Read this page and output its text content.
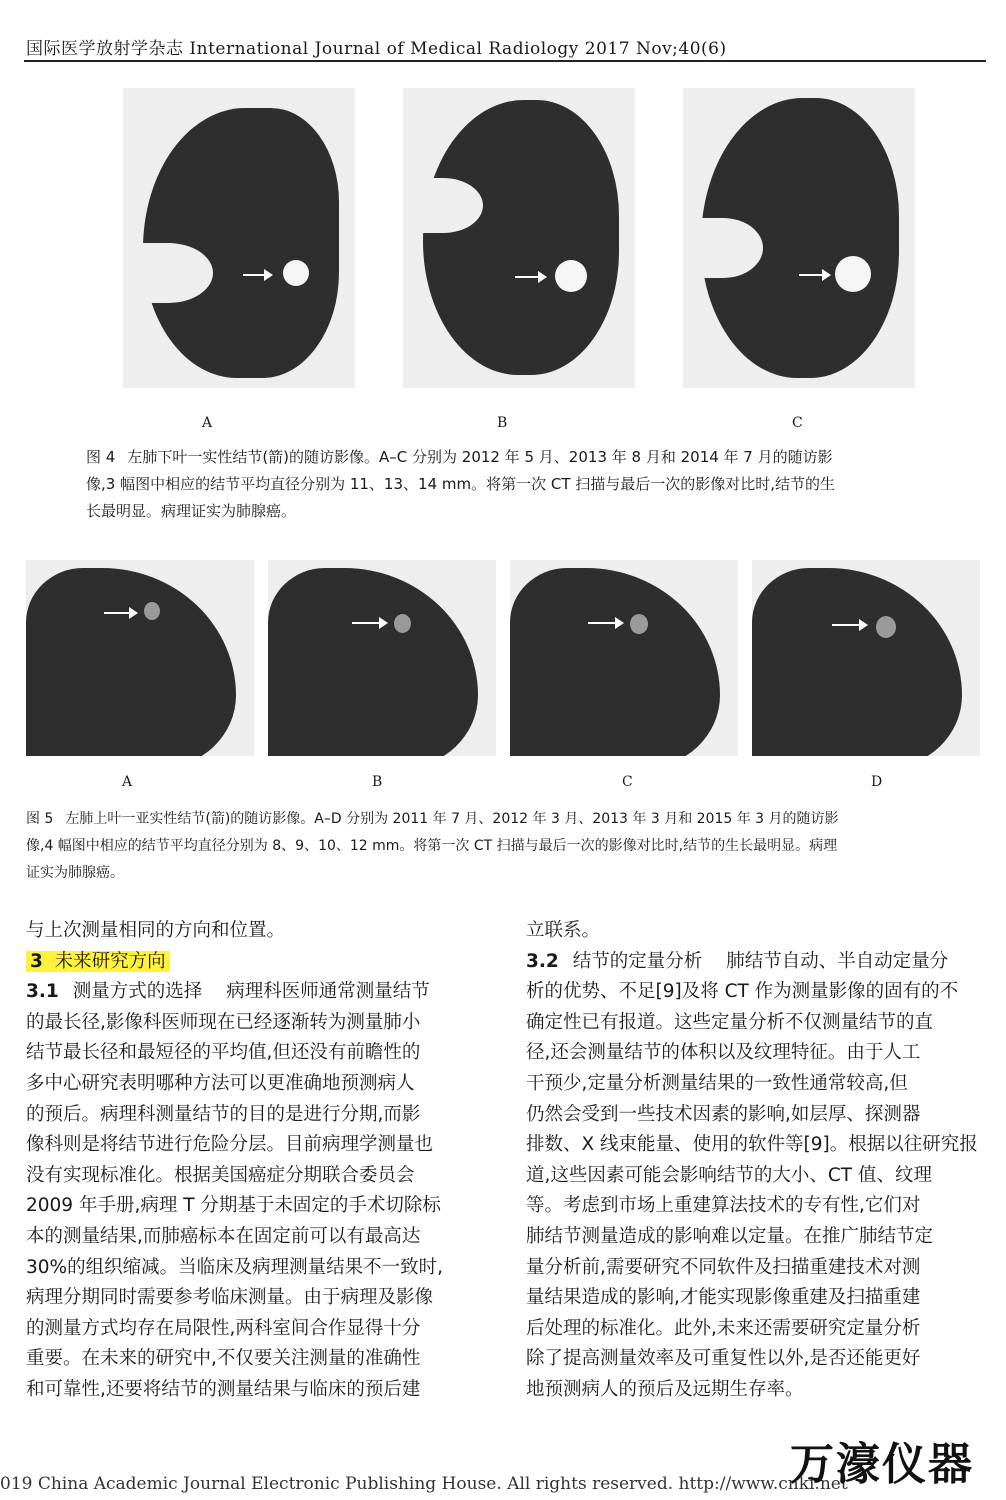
国际医学放射学杂志 International Journal of Medical Radiology 2017 Nov;40(6)
A	B	C
图 4 左肺下叶一实性结节(箭)的随访影像。A–C 分别为 2012 年 5 月、2013 年 8 月和 2014 年 7 月的随访影
像,3 幅图中相应的结节平均直径分别为 11、13、14 mm。将第一次 CT 扫描与最后一次的影像对比时,结节的生
长最明显。病理证实为肺腺癌。
A	B	C	D
图 5 左肺上叶一亚实性结节(箭)的随访影像。A–D 分别为 2011 年 7 月、2012 年 3 月、2013 年 3 月和 2015 年 3 月的随访影
像,4 幅图中相应的结节平均直径分别为 8、9、10、12 mm。将第一次 CT 扫描与最后一次的影像对比时,结节的生长最明显。病理
证实为肺腺癌。

与上次测量相同的方向和位置。

3 未来研究方向

3.1 测量方式的选择 病理科医师通常测量结节

的最长径,影像科医师现在已经逐渐转为测量肺小

结节最长径和最短径的平均值,但还没有前瞻性的

多中心研究表明哪种方法可以更准确地预测病人

的预后。病理科测量结节的目的是进行分期,而影

像科则是将结节进行危险分层。目前病理学测量也

没有实现标准化。根据美国癌症分期联合委员会

2009 年手册,病理 T 分期基于未固定的手术切除标

本的测量结果,而肺癌标本在固定前可以有最高达

30%的组织缩减。当临床及病理测量结果不一致时,

病理分期同时需要参考临床测量。由于病理及影像

的测量方式均存在局限性,两科室间合作显得十分

重要。在未来的研究中,不仅要关注测量的准确性

和可靠性,还要将结节的测量结果与临床的预后建

立联系。

3.2 结节的定量分析 肺结节自动、半自动定量分

析的优势、不足[9]及将 CT 作为测量影像的固有的不

确定性已有报道。这些定量分析不仅测量结节的直

径,还会测量结节的体积以及纹理特征。由于人工

干预少,定量分析测量结果的一致性通常较高,但

仍然会受到一些技术因素的影响,如层厚、探测器

排数、X 线束能量、使用的软件等[9]。根据以往研究报

道,这些因素可能会影响结节的大小、CT 值、纹理

等。考虑到市场上重建算法技术的专有性,它们对

肺结节测量造成的影响难以定量。在推广肺结节定

量分析前,需要研究不同软件及扫描重建技术对测

量结果造成的影响,才能实现影像重建及扫描重建

后处理的标准化。此外,未来还需要研究定量分析

除了提高测量效率及可重复性以外,是否还能更好

地预测病人的预后及远期生存率。

019 China Academic Journal Electronic Publishing House. All rights reserved. http://www.cnki.net
万濠仪器
